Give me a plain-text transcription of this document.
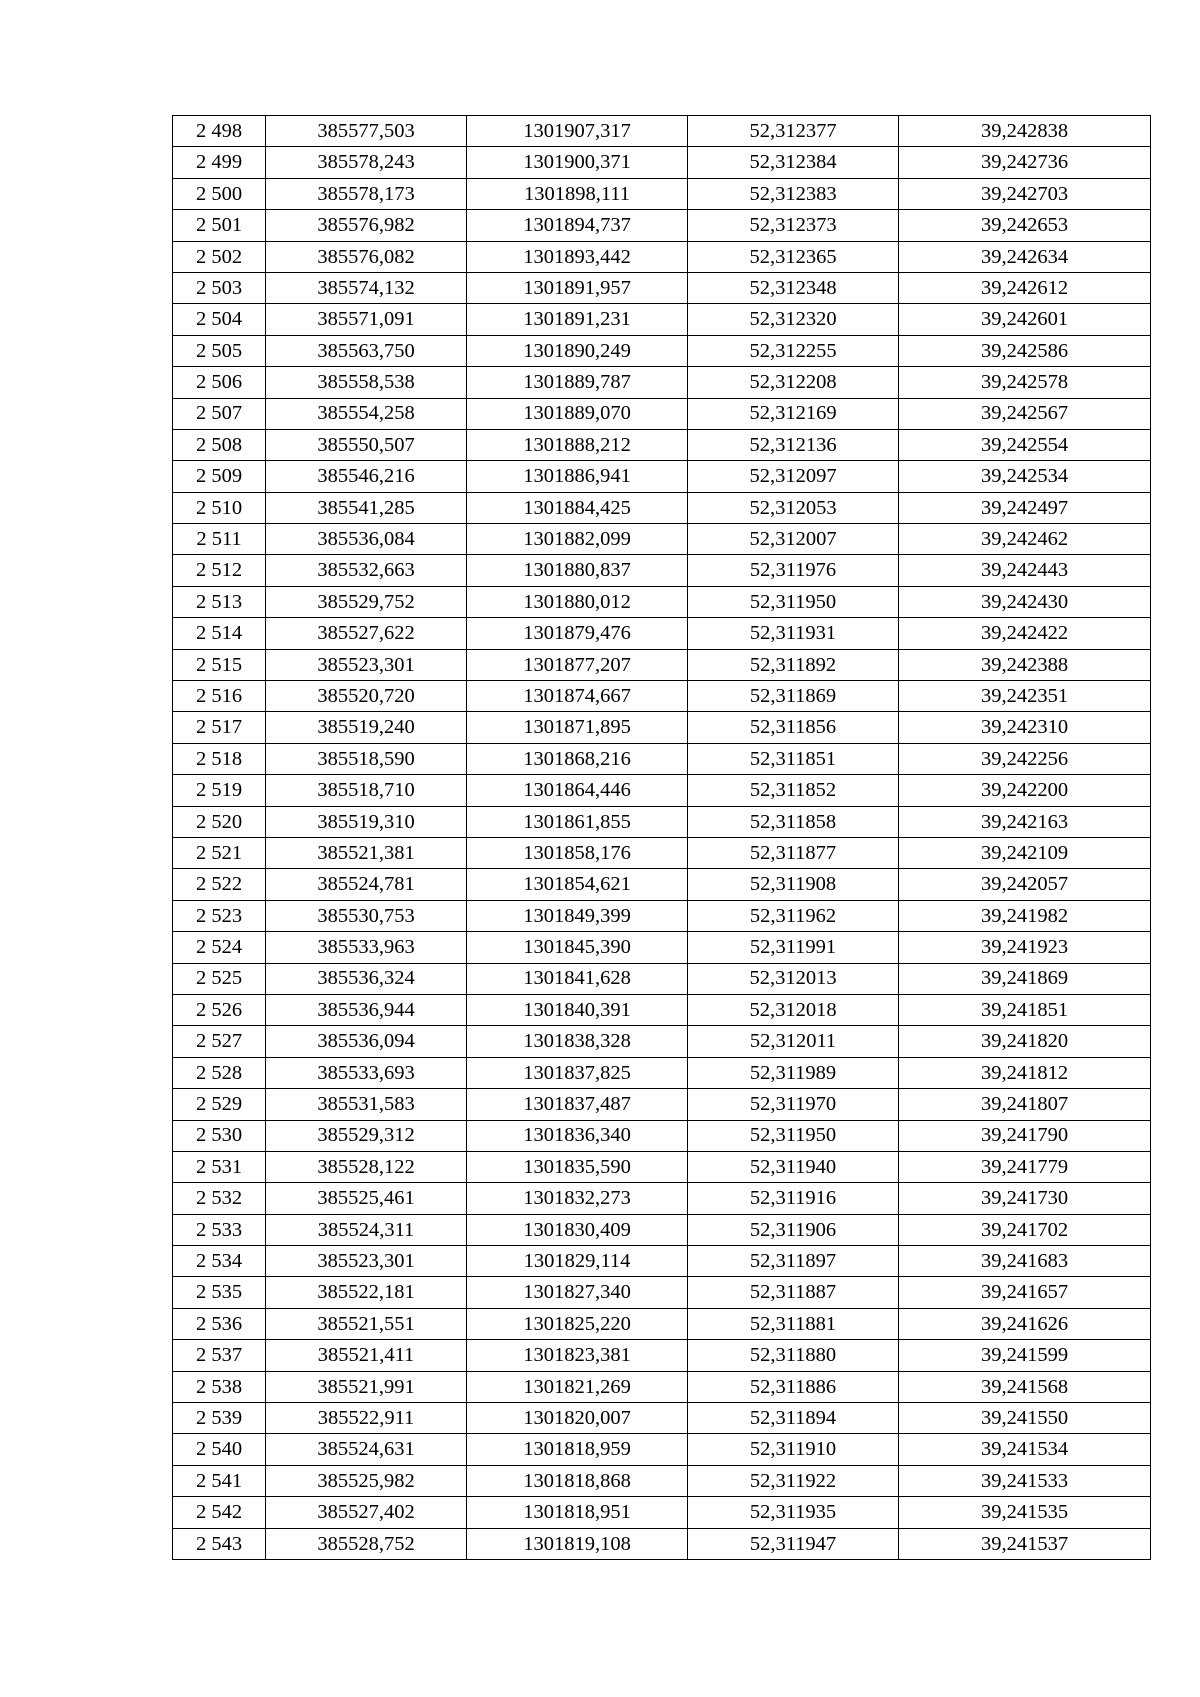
2 498	385577,503	1301907,317	52,312377	39,242838
2 499	385578,243	1301900,371	52,312384	39,242736
2 500	385578,173	1301898,111	52,312383	39,242703
2 501	385576,982	1301894,737	52,312373	39,242653
2 502	385576,082	1301893,442	52,312365	39,242634
2 503	385574,132	1301891,957	52,312348	39,242612
2 504	385571,091	1301891,231	52,312320	39,242601
2 505	385563,750	1301890,249	52,312255	39,242586
2 506	385558,538	1301889,787	52,312208	39,242578
2 507	385554,258	1301889,070	52,312169	39,242567
2 508	385550,507	1301888,212	52,312136	39,242554
2 509	385546,216	1301886,941	52,312097	39,242534
2 510	385541,285	1301884,425	52,312053	39,242497
2 511	385536,084	1301882,099	52,312007	39,242462
2 512	385532,663	1301880,837	52,311976	39,242443
2 513	385529,752	1301880,012	52,311950	39,242430
2 514	385527,622	1301879,476	52,311931	39,242422
2 515	385523,301	1301877,207	52,311892	39,242388
2 516	385520,720	1301874,667	52,311869	39,242351
2 517	385519,240	1301871,895	52,311856	39,242310
2 518	385518,590	1301868,216	52,311851	39,242256
2 519	385518,710	1301864,446	52,311852	39,242200
2 520	385519,310	1301861,855	52,311858	39,242163
2 521	385521,381	1301858,176	52,311877	39,242109
2 522	385524,781	1301854,621	52,311908	39,242057
2 523	385530,753	1301849,399	52,311962	39,241982
2 524	385533,963	1301845,390	52,311991	39,241923
2 525	385536,324	1301841,628	52,312013	39,241869
2 526	385536,944	1301840,391	52,312018	39,241851
2 527	385536,094	1301838,328	52,312011	39,241820
2 528	385533,693	1301837,825	52,311989	39,241812
2 529	385531,583	1301837,487	52,311970	39,241807
2 530	385529,312	1301836,340	52,311950	39,241790
2 531	385528,122	1301835,590	52,311940	39,241779
2 532	385525,461	1301832,273	52,311916	39,241730
2 533	385524,311	1301830,409	52,311906	39,241702
2 534	385523,301	1301829,114	52,311897	39,241683
2 535	385522,181	1301827,340	52,311887	39,241657
2 536	385521,551	1301825,220	52,311881	39,241626
2 537	385521,411	1301823,381	52,311880	39,241599
2 538	385521,991	1301821,269	52,311886	39,241568
2 539	385522,911	1301820,007	52,311894	39,241550
2 540	385524,631	1301818,959	52,311910	39,241534
2 541	385525,982	1301818,868	52,311922	39,241533
2 542	385527,402	1301818,951	52,311935	39,241535
2 543	385528,752	1301819,108	52,311947	39,241537
